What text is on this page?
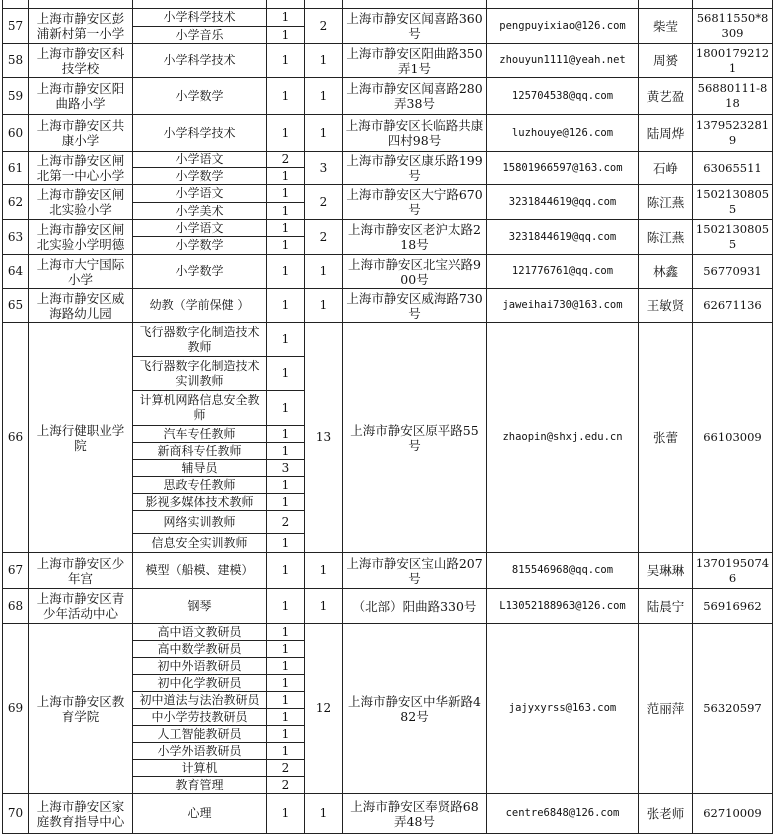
57	上海市静安区彭浦新村第一小学	小学科学技术	1	2	上海市静安区闻喜路360号	pengpuyixiao@126.com	柴莹	56811550*8309
		小学音乐	1					
58	上海市静安区科技学校	小学科学技术	1	1	上海市静安区阳曲路350弄1号	zhouyun1111@yeah.net	周赟	18001792121
59	上海市静安区阳曲路小学	小学数学	1	1	上海市静安区闻喜路280弄38号	125704538@qq.com	黄艺盈	56880111-818
60	上海市静安区共康小学	小学科学技术	1	1	上海市静安区长临路共康四村98号	luzhouye@126.com	陆周烨	13795232819
61	上海市静安区闸北第一中心小学	小学语文	2	3	上海市静安区康乐路199号	15801966597@163.com	石峥	63065511
		小学数学	1					
62	上海市静安区闸北实验小学	小学语文	1	2	上海市静安区大宁路670号	3231844619@qq.com	陈江燕	15021308055
		小学美术	1					
63	上海市静安区闸北实验小学明德	小学语文	1	2	上海市静安区老沪太路218号	3231844619@qq.com	陈江燕	15021308055
		小学数学	1					
64	上海市大宁国际小学	小学数学	1	1	上海市静安区北宝兴路900号	121776761@qq.com	林鑫	56770931
65	上海市静安区威海路幼儿园	幼教（学前保健 ）	1	1	上海市静安区威海路730号	jaweihai730@163.com	王敏贤	62671136
66	上海行健职业学院	飞行器数字化制造技术教师	1	13	上海市静安区原平路55号	zhaopin@shxj.edu.cn	张蕾	66103009
		飞行器数字化制造技术实训教师	1					
		计算机网路信息安全教师	1					
		汽车专任教师	1					
		新商科专任教师	1					
		辅导员	3					
		思政专任教师	1					
		影视多媒体技术教师	1					
		网络实训教师	2					
		信息安全实训教师	1					
67	上海市静安区少年宫	模型（船模、建模）	1	1	上海市静安区宝山路207号	815546968@qq.com	吴琳琳	13701950746
68	上海市静安区青少年活动中心	钢琴	1	1	（北部）阳曲路330号	L13052188963@126.com	陆晨宁	56916962
69	上海市静安区教育学院	高中语文教研员	1	12	上海市静安区中华新路482号	jajyxyrss@163.com	范丽萍	56320597
		高中数学教研员	1					
		初中外语教研员	1					
		初中化学教研员	1					
		初中道法与法治教研员	1					
		中小学劳技教研员	1					
		人工智能教研员	1					
		小学外语教研员	1					
		计算机	2					
		教育管理	2					
70	上海市静安区家庭教育指导中心	心理	1	1	上海市静安区奉贤路68弄48号	centre6848@126.com	张老师	62710009
